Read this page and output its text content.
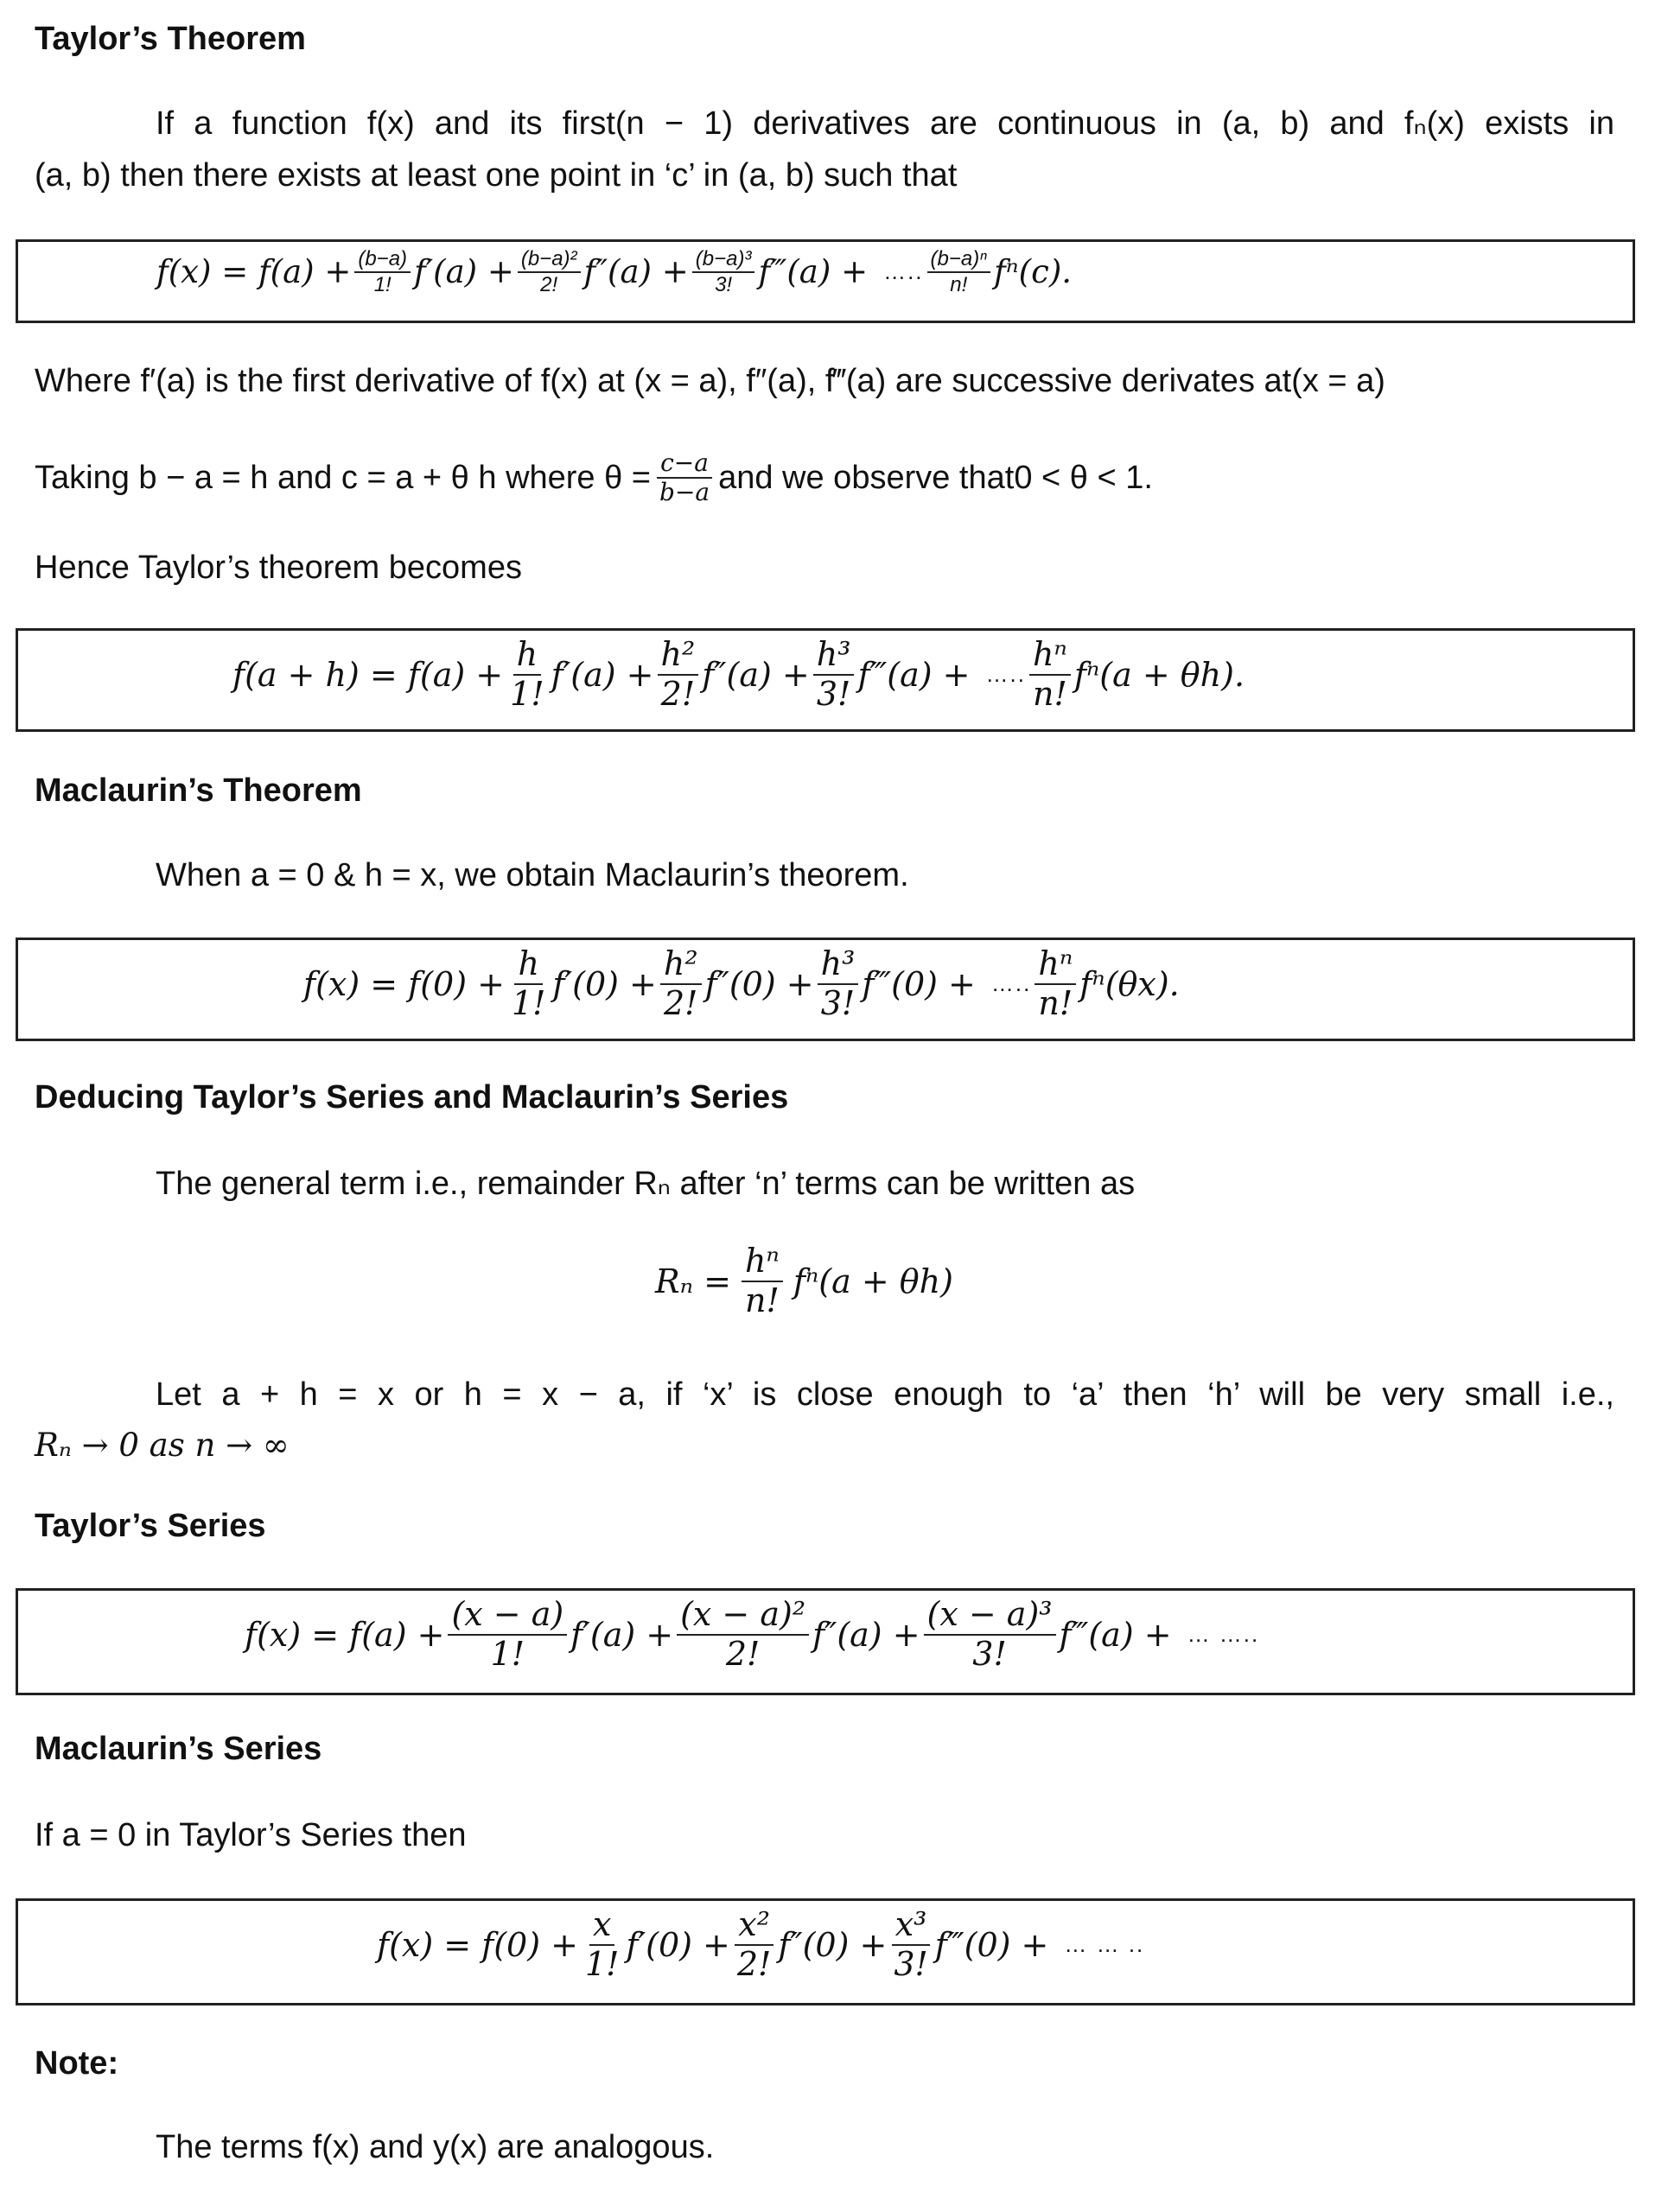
Taylor’s Theorem
If a function f(x) and its first(n − 1) derivatives are continuous in (a, b) and fₙ(x) exists in
(a, b) then there exists at least one point in ‘c’ in (a, b) such that
$f(x) = f(a) + \frac{(b-a)}{1!} f'(a) + \frac{\text{(b−a)²}}{2!} f''(a) + \frac{\text{(b−a)³}}{3!}$ f‴(a) + ….. (b−a)ⁿ
n! fⁿ(c).
Where f′(a) is the first derivative of f(x) at (x = a), f″(a), f‴(a) are successive derivates at(x = a)
Taking b − a = h and c = a + θ h where $\theta = \frac{c-a}{b-a}$ and we observe that0 < θ < 1.
Hence Taylor’s theorem becomes
$f(a + h) = f(a) + \frac{h}{1!} f'(a) + \frac{\text{h²}}{2!} f''(a) + \frac{\text{h³}}{3!}$ f‴(a) + …..
hⁿ
n! fⁿ(a + θh).
Maclaurin’s Theorem
When a = 0 & h = x, we obtain Maclaurin’s theorem.
$f(x) = f(0) + \frac{h}{1!} f'(0) + \frac{\text{h²}}{2!} f''(0) + \frac{\text{h³}}{3!}$ f‴(0) + …..
hⁿ
n! fⁿ(θx).
Deducing Taylor’s Series and Maclaurin’s Series
The general term i.e., remainder Rₙ after ‘n’ terms can be written as
$R_n = \frac{\text{hⁿ}}{n!} f^n(a + \theta h)$
Let a + h = x or h = x − a, if ‘x’ is close enough to ‘a’ then ‘h’ will be very small i.e.,
Rₙ → 0 as n → ∞
Taylor’s Series
$f(x) = f(a) + \frac{(x - a)}{1!} f'(a) + \frac{\text{(x − a)²}}{2!} f''(a) + \frac{\text{(x − a)³}}{3!}$ f‴(a) + … …..
Maclaurin’s Series
If a = 0 in Taylor’s Series then
$f(x) = f(0) + \frac{x}{1!} f'(0) + \frac{\text{x²}}{2!} f''(0) + \frac{\text{x³}}{3!}$ f‴(0) + … … ..
Note:
The terms f(x) and y(x) are analogous.
